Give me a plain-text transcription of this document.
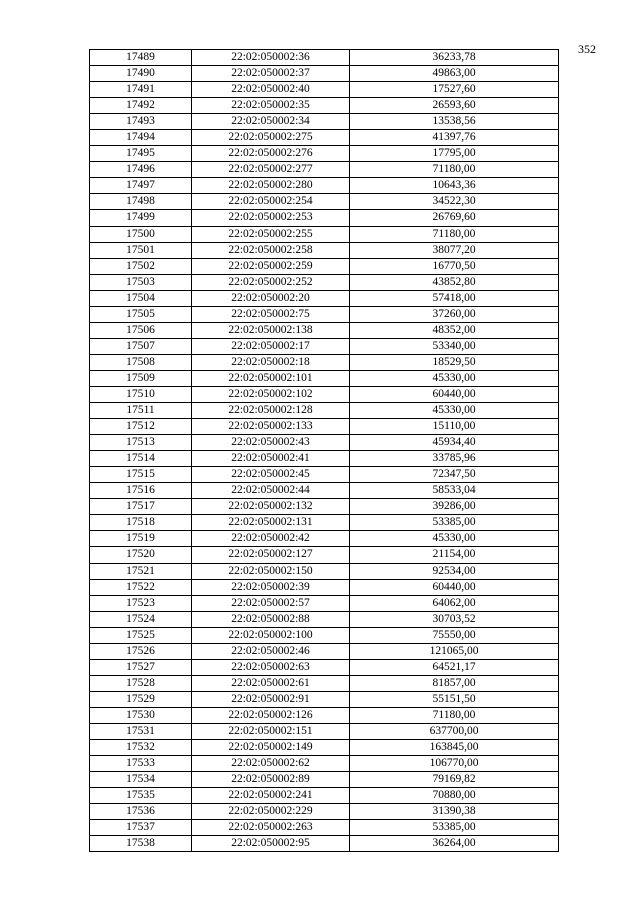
352
17489	22:02:050002:36	36233,78
17490	22:02:050002:37	49863,00
17491	22:02:050002:40	17527,60
17492	22:02:050002:35	26593,60
17493	22:02:050002:34	13538,56
17494	22:02:050002:275	41397,76
17495	22:02:050002:276	17795,00
17496	22:02:050002:277	71180,00
17497	22:02:050002:280	10643,36
17498	22:02:050002:254	34522,30
17499	22:02:050002:253	26769,60
17500	22:02:050002:255	71180,00
17501	22:02:050002:258	38077,20
17502	22:02:050002:259	16770,50
17503	22:02:050002:252	43852,80
17504	22:02:050002:20	57418,00
17505	22:02:050002:75	37260,00
17506	22:02:050002:138	48352,00
17507	22:02:050002:17	53340,00
17508	22:02:050002:18	18529,50
17509	22:02:050002:101	45330,00
17510	22:02:050002:102	60440,00
17511	22:02:050002:128	45330,00
17512	22:02:050002:133	15110,00
17513	22:02:050002:43	45934,40
17514	22:02:050002:41	33785,96
17515	22:02:050002:45	72347,50
17516	22:02:050002:44	58533,04
17517	22:02:050002:132	39286,00
17518	22:02:050002:131	53385,00
17519	22:02:050002:42	45330,00
17520	22:02:050002:127	21154,00
17521	22:02:050002:150	92534,00
17522	22:02:050002:39	60440,00
17523	22:02:050002:57	64062,00
17524	22:02:050002:88	30703,52
17525	22:02:050002:100	75550,00
17526	22:02:050002:46	121065,00
17527	22:02:050002:63	64521,17
17528	22:02:050002:61	81857,00
17529	22:02:050002:91	55151,50
17530	22:02:050002:126	71180,00
17531	22:02:050002:151	637700,00
17532	22:02:050002:149	163845,00
17533	22:02:050002:62	106770,00
17534	22:02:050002:89	79169,82
17535	22:02:050002:241	70880,00
17536	22:02:050002:229	31390,38
17537	22:02:050002:263	53385,00
17538	22:02:050002:95	36264,00
